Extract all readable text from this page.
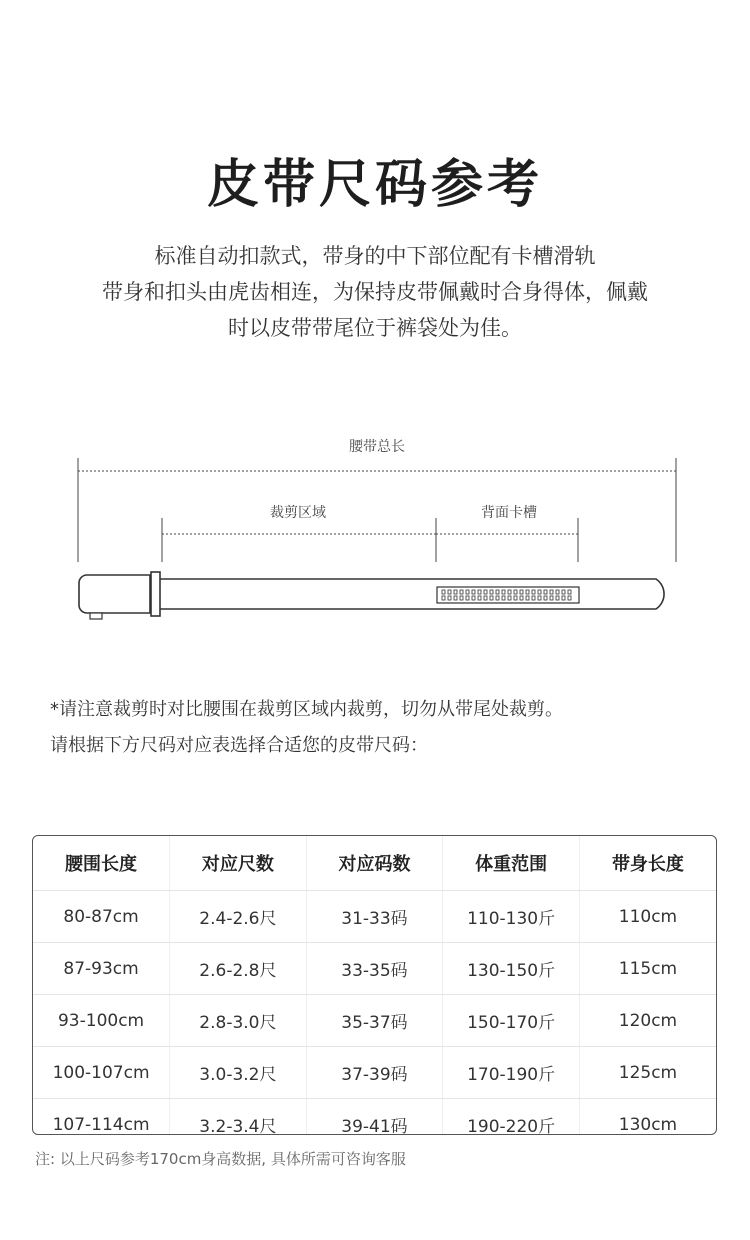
皮带尺码参考
标准自动扣款式，带身的中下部位配有卡槽滑轨
带身和扣头由虎齿相连，为保持皮带佩戴时合身得体，佩戴
时以皮带带尾位于裤袋处为佳。
腰带总长
裁剪区域	背面卡槽
*请注意裁剪时对比腰围在裁剪区域内裁剪，切勿从带尾处裁剪。
请根据下方尺码对应表选择合适您的皮带尺码：
腰围长度	对应尺数	对应码数	体重范围	带身长度
80-87cm	2.4-2.6尺	31-33码	110-130斤	110cm
87-93cm	2.6-2.8尺	33-35码	130-150斤	115cm
93-100cm	2.8-3.0尺	35-37码	150-170斤	120cm
100-107cm	3.0-3.2尺	37-39码	170-190斤	125cm
107-114cm	3.2-3.4尺	39-41码	190-220斤	130cm
注: 以上尺码参考170cm身高数据, 具体所需可咨询客服
